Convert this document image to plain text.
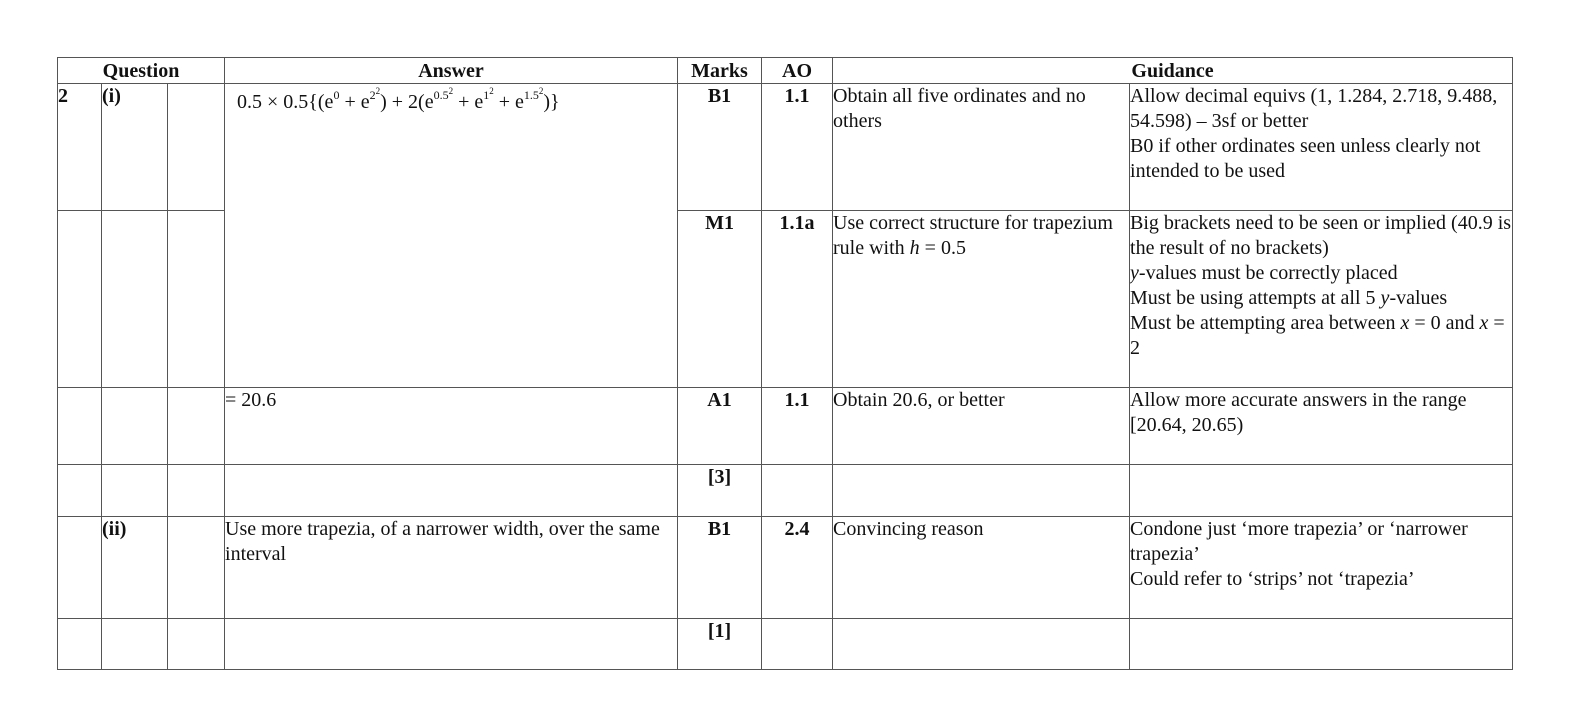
Question			Answer	Marks	AO	Guidance	
2	(i)		$0.5 \times 0.5\{(e^0 + e^{2^2}) + 2(e^{0.5^2} + e^{1^2} + e^{1.5^2})\}$	B1	1.1	Obtain all five ordinates and no others	Allow decimal equivs (1, 1.284, 2.718, 9.488, 54.598) – 3sf or better
B0 if other ordinates seen unless clearly not intended to be used

				M1	1.1a	Use correct structure for trapezium rule with h = 0.5	Big brackets need to be seen or implied (40.9 is the result of no brackets)
y-values must be correctly placed
Must be using attempts at all 5 y-values
Must be attempting area between x = 0 and x = 2

			= 20.6	A1	1.1	Obtain 20.6, or better	Allow more accurate answers in the range [20.64, 20.65)
				[3]			
	(ii)		Use more trapezia, of a narrower width, over the same interval	B1	2.4	Convincing reason	Condone just ‘more trapezia’ or ‘narrower trapezia’
Could refer to ‘strips’ not ‘trapezia’

				[1]			
